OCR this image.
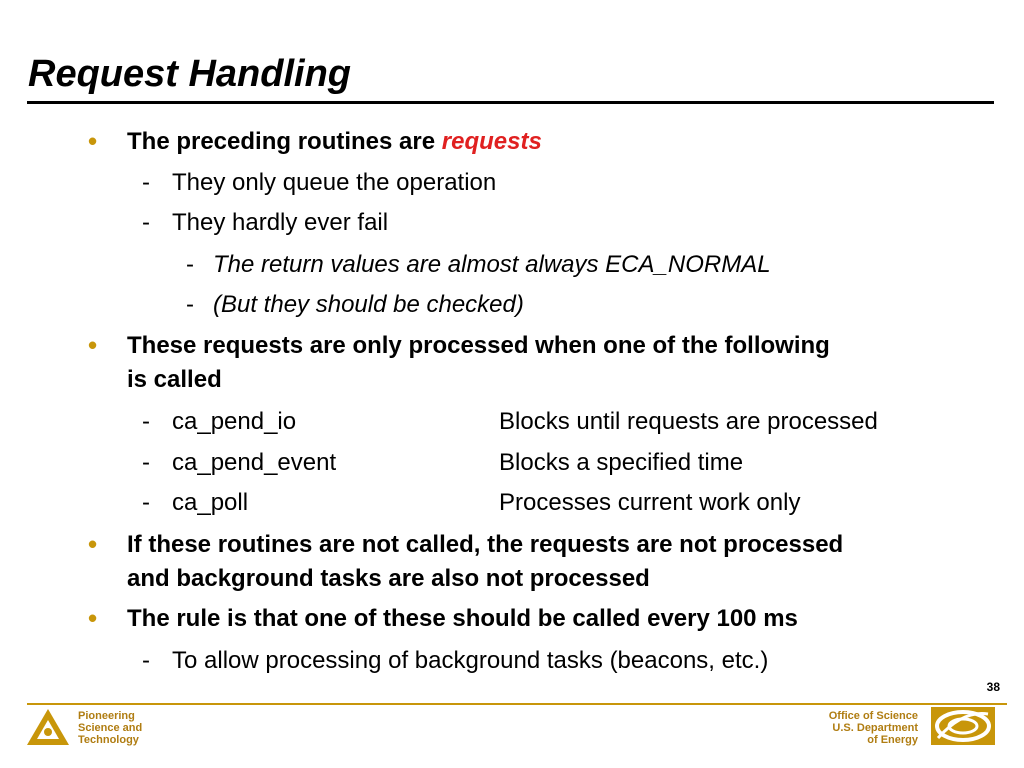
Request Handling
• The preceding routines are requests
- They only queue the operation
- They hardly ever fail
- The return values are almost always ECA_NORMAL
- (But they should be checked)
• These requests are only processed when one of the following
is called
- ca_pend_io	Blocks until requests are processed
- ca_pend_event	Blocks a specified time
- ca_poll	Processes current work only
• If these routines are not called, the requests are not processed
and background tasks are also not processed
• The rule is that one of these should be called every 100 ms
- To allow processing of background tasks (beacons, etc.)
38
Pioneering
Science and
Technology
Office of Science
U.S. Department
of Energy
